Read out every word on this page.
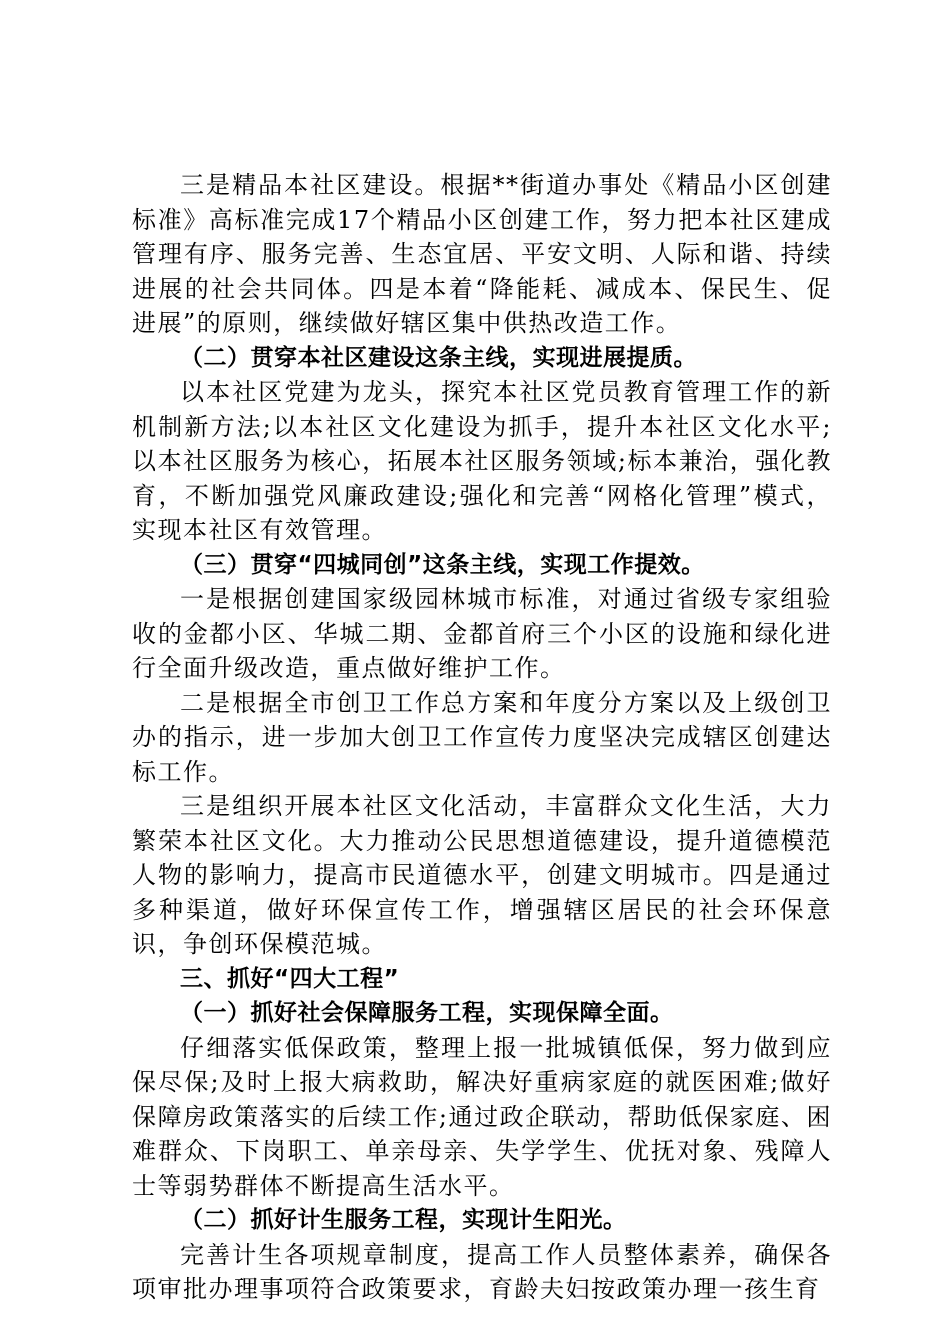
三是精品本社区建设。根据**街道办事处《精品小区创建标准》高标准完成17个精品小区创建工作，努力把本社区建成管理有序、服务完善、生态宜居、平安文明、人际和谐、持续进展的社会共同体。四是本着“降能耗、减成本、保民生、促进展”的原则，继续做好辖区集中供热改造工作。

（二）贯穿本社区建设这条主线，实现进展提质。

以本社区党建为龙头，探究本社区党员教育管理工作的新机制新方法;以本社区文化建设为抓手，提升本社区文化水平;以本社区服务为核心，拓展本社区服务领域;标本兼治，强化教育，不断加强党风廉政建设;强化和完善“网格化管理”模式，实现本社区有效管理。

（三）贯穿“四城同创”这条主线，实现工作提效。

一是根据创建国家级园林城市标准，对通过省级专家组验收的金都小区、华城二期、金都首府三个小区的设施和绿化进行全面升级改造，重点做好维护工作。

二是根据全市创卫工作总方案和年度分方案以及上级创卫办的指示，进一步加大创卫工作宣传力度坚决完成辖区创建达标工作。

三是组织开展本社区文化活动，丰富群众文化生活，大力繁荣本社区文化。大力推动公民思想道德建设，提升道德模范人物的影响力，提高市民道德水平，创建文明城市。四是通过多种渠道，做好环保宣传工作，增强辖区居民的社会环保意识，争创环保模范城。

三、抓好“四大工程”

（一）抓好社会保障服务工程，实现保障全面。

仔细落实低保政策，整理上报一批城镇低保，努力做到应保尽保;及时上报大病救助，解决好重病家庭的就医困难;做好保障房政策落实的后续工作;通过政企联动，帮助低保家庭、困难群众、下岗职工、单亲母亲、失学学生、优抚对象、残障人士等弱势群体不断提高生活水平。

（二）抓好计生服务工程，实现计生阳光。

完善计生各项规章制度，提高工作人员整体素养，确保各项审批办理事项符合政策要求，育龄夫妇按政策办理一孩生育
